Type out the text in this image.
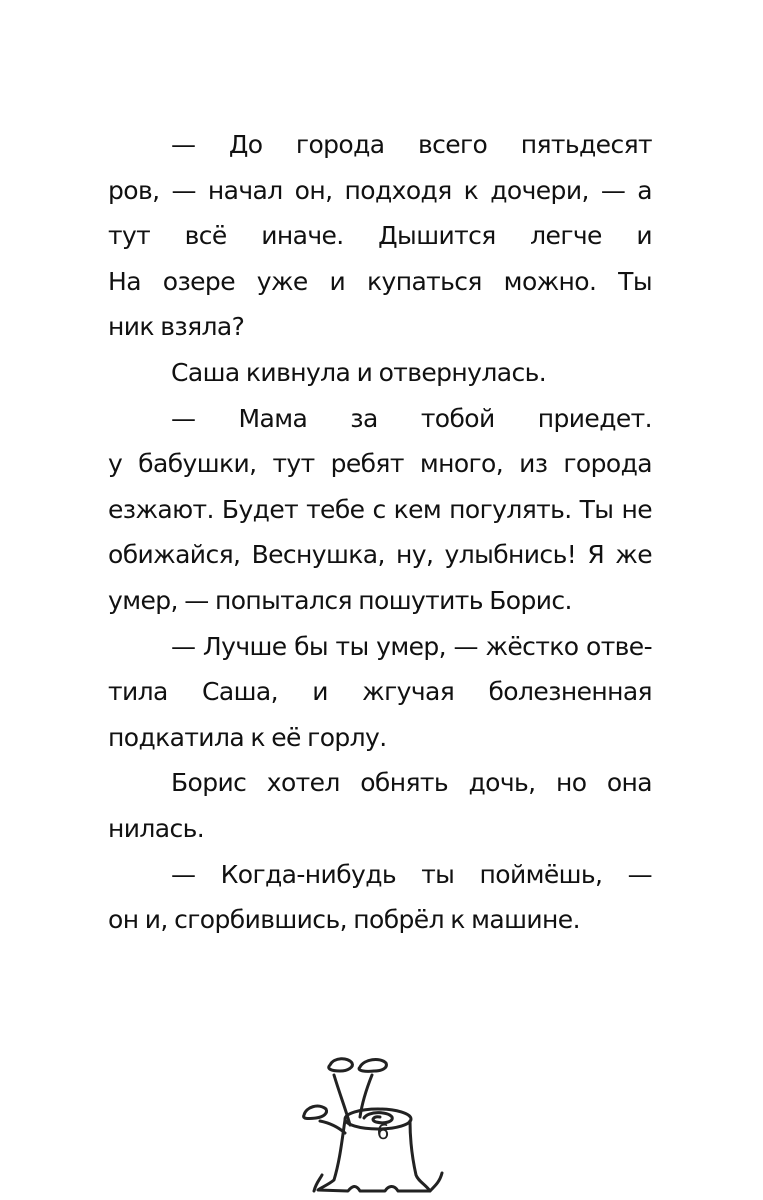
— До города всего пятьдесят
ров, — начал он, подходя к дочери, — а
тут всё иначе. Дышится легче и
На озере уже и купаться можно. Ты
ник взяла?
Саша кивнула и отвернулась.
— Мама за тобой приедет.
у бабушки, тут ребят много, из города
езжают. Будет тебе с кем погулять. Ты не
обижайся, Веснушка, ну, улыбнись! Я же
умер, — попытался пошутить Борис.
— Лучше бы ты умер, — жёстко отве-
тила Саша, и жгучая болезненная
подкатила к её горлу.
Борис хотел обнять дочь, но она
нилась.
— Когда-нибудь ты поймёшь, —
он и, сгорбившись, побрёл к машине.
6
